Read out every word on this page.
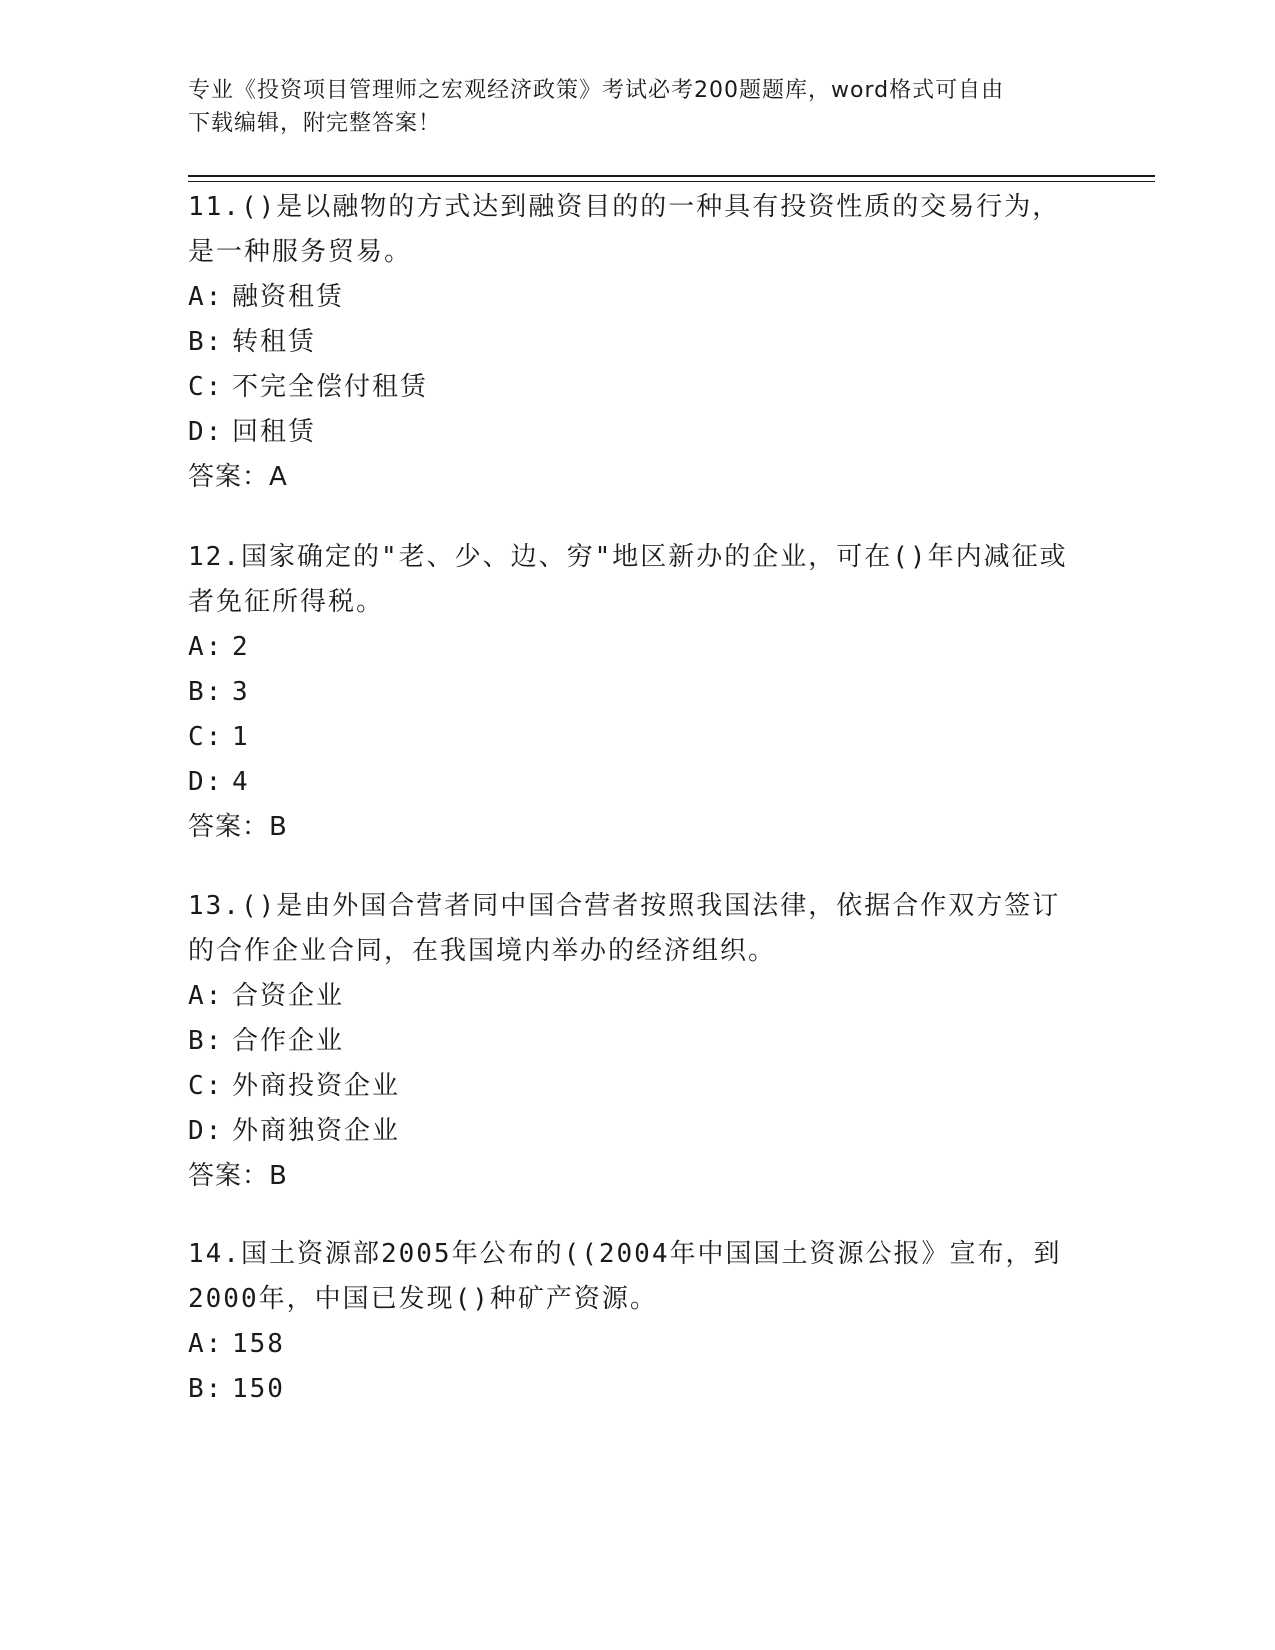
专业《投资项目管理师之宏观经济政策》考试必考200题题库，word格式可自由
下载编辑，附完整答案！

11.()是以融物的方式达到融资目的的一种具有投资性质的交易行为，是一种服务贸易。

A: 融资租赁

B: 转租赁

C: 不完全偿付租赁

D: 回租赁

答案：A

12.国家确定的"老、少、边、穷"地区新办的企业，可在()年内减征或者免征所得税。

A: 2

B: 3

C: 1

D: 4

答案：B

13.()是由外国合营者同中国合营者按照我国法律，依据合作双方签订的合作企业合同，在我国境内举办的经济组织。

A: 合资企业

B: 合作企业

C: 外商投资企业

D: 外商独资企业

答案：B

14.国土资源部2005年公布的((2004年中国国土资源公报》宣布，到2000年，中国已发现()种矿产资源。

A: 158

B: 150
